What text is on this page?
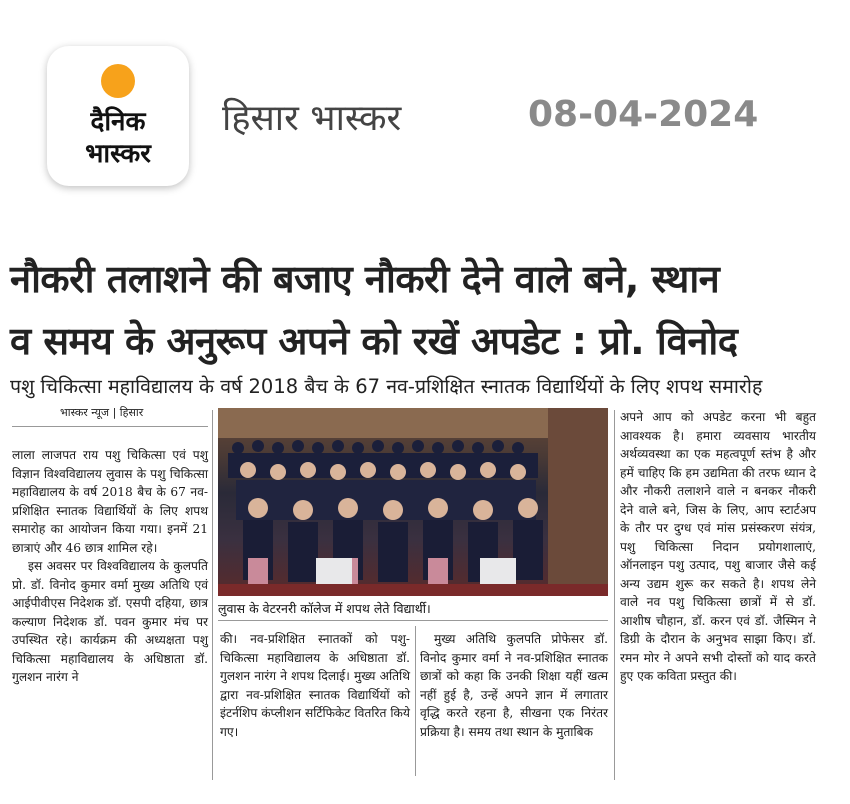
दैनिक
भास्कर
हिसार भास्कर	08-04-2024
नौकरी तलाशने की बजाए नौकरी देने वाले बने, स्थान
व समय के अनुरूप अपने को रखें अपडेट : प्रो. विनोद
पशु चिकित्सा महाविद्यालय के वर्ष 2018 बैच के 67 नव-प्रशिक्षित स्नातक विद्यार्थियों के लिए शपथ समारोह
भास्कर न्यूज | हिसार

लाला लाजपत राय पशु चिकित्सा एवं पशु विज्ञान विश्वविद्यालय लुवास के पशु चिकित्सा महाविद्यालय के वर्ष 2018 बैच के 67 नव-प्रशिक्षित स्नातक विद्यार्थियों के लिए शपथ समारोह का आयोजन किया गया। इनमें 21 छात्राएं और 46 छात्र शामिल रहे।

इस अवसर पर विश्वविद्यालय के कुलपति प्रो. डॉ. विनोद कुमार वर्मा मुख्य अतिथि एवं आईपीवीएस निदेशक डॉ. एसपी दहिया, छात्र कल्याण निदेशक डॉ. पवन कुमार मंच पर उपस्थित रहे। कार्यक्रम की अध्यक्षता पशु चिकित्सा महाविद्यालय के अधिष्ठाता डॉ. गुलशन नारंग ने

लुवास के वेटरनरी कॉलेज में शपथ लेते विद्यार्थी।

की। नव-प्रशिक्षित स्नातकों को पशु-चिकित्सा महाविद्यालय के अधिष्ठाता डॉ. गुलशन नारंग ने शपथ दिलाई। मुख्य अतिथि द्वारा नव-प्रशिक्षित स्नातक विद्यार्थियों को इंटर्नशिप कंप्लीशन सर्टिफिकेट वितरित किये गए।

मुख्य अतिथि कुलपति प्रोफेसर डॉ. विनोद कुमार वर्मा ने नव-प्रशिक्षित स्नातक छात्रों को कहा कि उनकी शिक्षा यहीं खत्म नहीं हुई है, उन्हें अपने ज्ञान में लगातार वृद्धि करते रहना है, सीखना एक निरंतर प्रक्रिया है। समय तथा स्थान के मुताबिक

अपने आप को अपडेट करना भी बहुत आवश्यक है। हमारा व्यवसाय भारतीय अर्थव्यवस्था का एक महत्वपूर्ण स्तंभ है और हमें चाहिए कि हम उद्यमिता की तरफ ध्यान दे और नौकरी तलाशने वाले न बनकर नौकरी देने वाले बने, जिस के लिए, आप स्टार्टअप के तौर पर दुग्ध एवं मांस प्रसंस्करण संयंत्र, पशु चिकित्सा निदान प्रयोगशालाएं, ऑनलाइन पशु उत्पाद, पशु बाजार जैसे कई अन्य उद्यम शुरू कर सकते है। शपथ लेने वाले नव पशु चिकित्सा छात्रों में से डॉ. आशीष चौहान, डॉ. करन एवं डॉ. जैस्मिन ने डिग्री के दौरान के अनुभव साझा किए। डॉ. रमन मोर ने अपने सभी दोस्तों को याद करते हुए एक कविता प्रस्तुत की।
